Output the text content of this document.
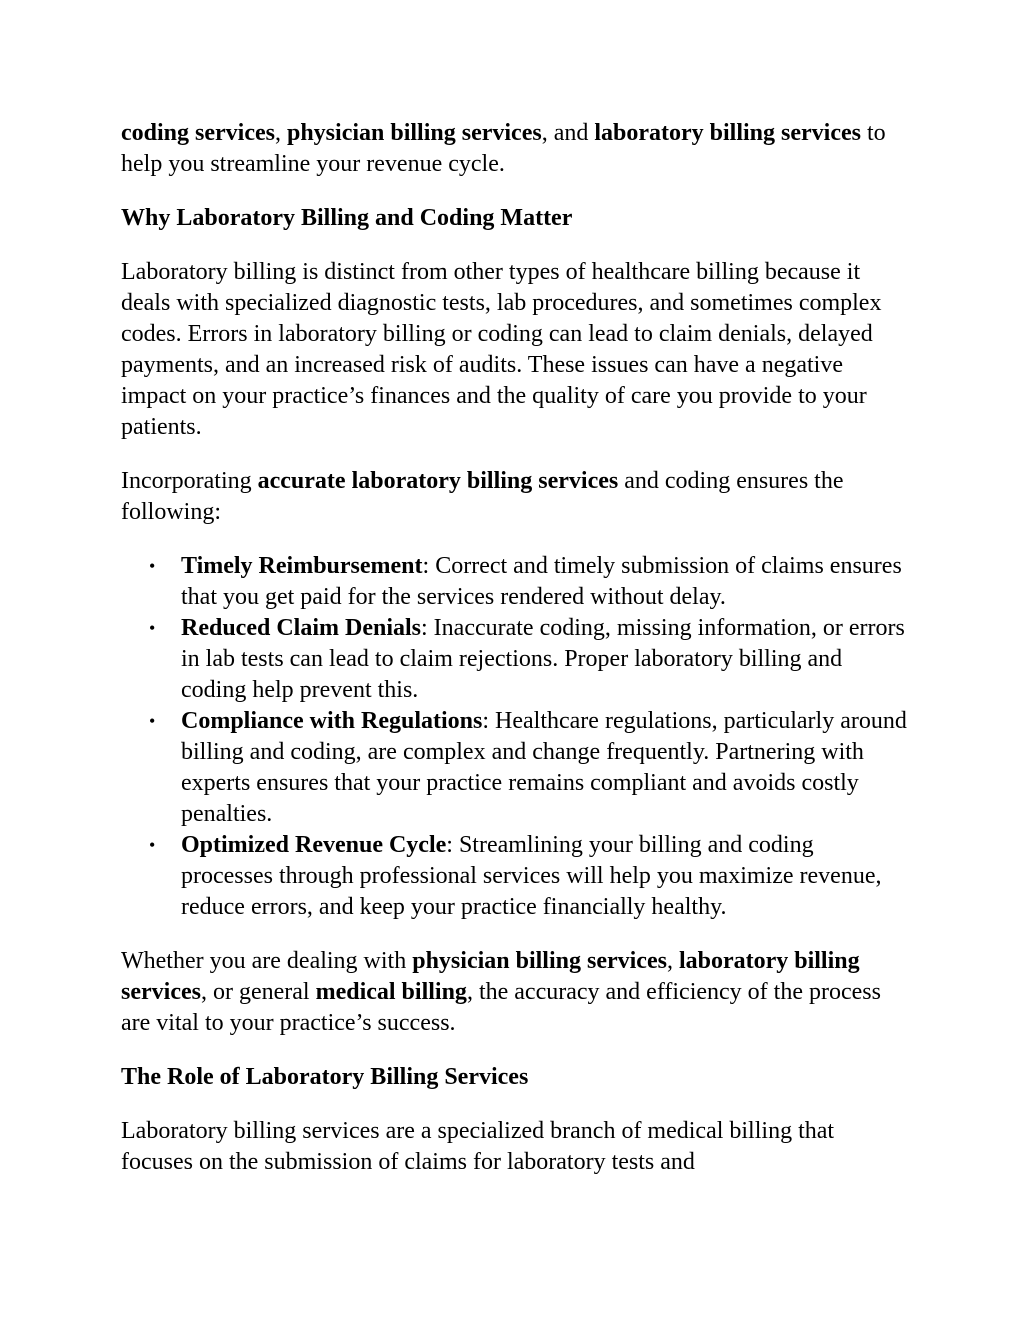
coding services, physician billing services, and laboratory billing services to help you streamline your revenue cycle.

Why Laboratory Billing and Coding Matter

Laboratory billing is distinct from other types of healthcare billing because it deals with specialized diagnostic tests, lab procedures, and sometimes complex codes. Errors in laboratory billing or coding can lead to claim denials, delayed payments, and an increased risk of audits. These issues can have a negative impact on your practice’s finances and the quality of care you provide to your patients.

Incorporating accurate laboratory billing services and coding ensures the following:

• Timely Reimbursement: Correct and timely submission of claims ensures that you get paid for the services rendered without delay.
• Reduced Claim Denials: Inaccurate coding, missing information, or errors in lab tests can lead to claim rejections. Proper laboratory billing and coding help prevent this.
• Compliance with Regulations: Healthcare regulations, particularly around billing and coding, are complex and change frequently. Partnering with experts ensures that your practice remains compliant and avoids costly penalties.
• Optimized Revenue Cycle: Streamlining your billing and coding processes through professional services will help you maximize revenue, reduce errors, and keep your practice financially healthy.

Whether you are dealing with physician billing services, laboratory billing services, or general medical billing, the accuracy and efficiency of the process are vital to your practice’s success.

The Role of Laboratory Billing Services

Laboratory billing services are a specialized branch of medical billing that focuses on the submission of claims for laboratory tests and
